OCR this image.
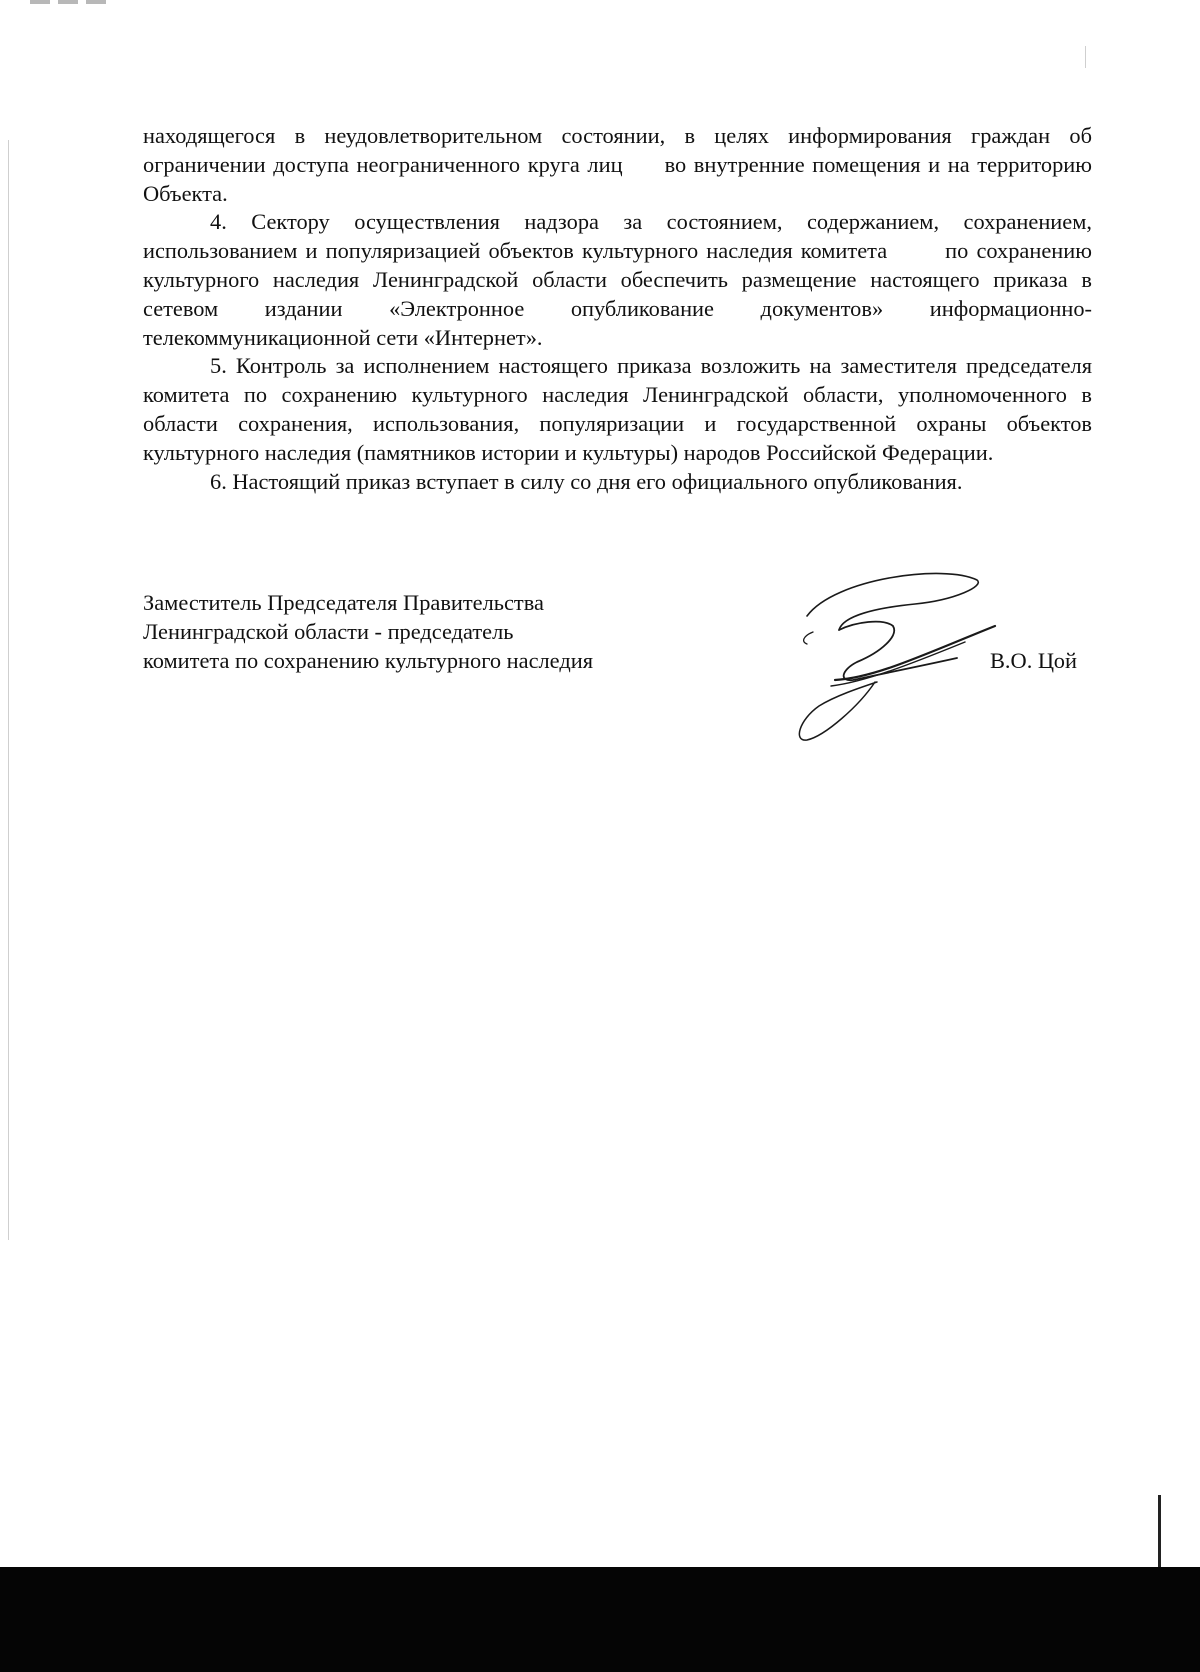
находящегося в неудовлетворительном состоянии, в целях информирования граждан об ограничении доступа неограниченного круга лиц во внутренние помещения и на территорию Объекта.

4. Сектору осуществления надзора за состоянием, содержанием, сохранением, использованием и популяризацией объектов культурного наследия комитета	по сохранению культурного наследия Ленинградской области обеспечить размещение настоящего приказа в сетевом издании «Электронное опубликование документов» информационно-телекоммуникационной сети «Интернет».

5. Контроль за исполнением настоящего приказа возложить на заместителя председателя комитета по сохранению культурного наследия Ленинградской области, уполномоченного в области сохранения, использования, популяризации и государственной охраны объектов культурного наследия (памятников истории и культуры) народов Российской Федерации.

6. Настоящий приказ вступает в силу со дня его официального опубликования.

Заместитель Председателя Правительства
Ленинградской области - председатель
комитета по сохранению культурного наследия	В.О. Цой
